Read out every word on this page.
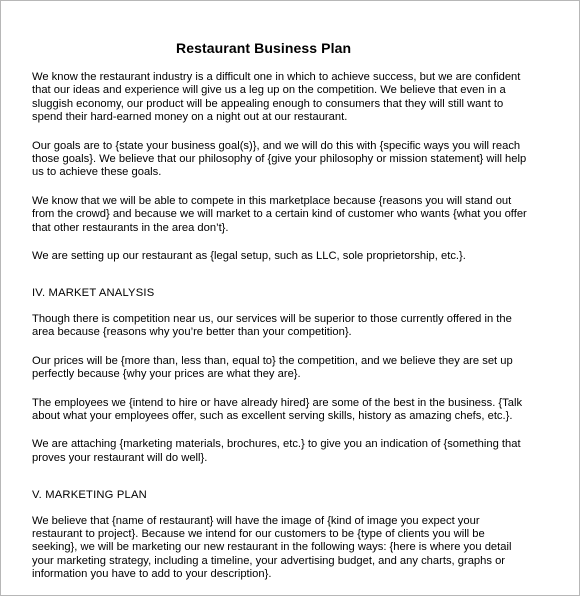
Restaurant Business Plan

We know the restaurant industry is a difficult one in which to achieve success, but we are confident
that our ideas and experience will give us a leg up on the competition. We believe that even in a
sluggish economy, our product will be appealing enough to consumers that they will still want to
spend their hard-earned money on a night out at our restaurant.

Our goals are to {state your business goal(s)}, and we will do this with {specific ways you will reach
those goals}. We believe that our philosophy of {give your philosophy or mission statement} will help
us to achieve these goals.

We know that we will be able to compete in this marketplace because {reasons you will stand out
from the crowd} and because we will market to a certain kind of customer who wants {what you offer
that other restaurants in the area don’t}.

We are setting up our restaurant as {legal setup, such as LLC, sole proprietorship, etc.}.

IV. MARKET ANALYSIS

Though there is competition near us, our services will be superior to those currently offered in the
area because {reasons why you’re better than your competition}.

Our prices will be {more than, less than, equal to} the competition, and we believe they are set up
perfectly because {why your prices are what they are}.

The employees we {intend to hire or have already hired} are some of the best in the business. {Talk
about what your employees offer, such as excellent serving skills, history as amazing chefs, etc.}.

We are attaching {marketing materials, brochures, etc.} to give you an indication of {something that
proves your restaurant will do well}.

V. MARKETING PLAN

We believe that {name of restaurant} will have the image of {kind of image you expect your
restaurant to project}. Because we intend for our customers to be {type of clients you will be
seeking}, we will be marketing our new restaurant in the following ways: {here is where you detail
your marketing strategy, including a timeline, your advertising budget, and any charts, graphs or
information you have to add to your description}.
